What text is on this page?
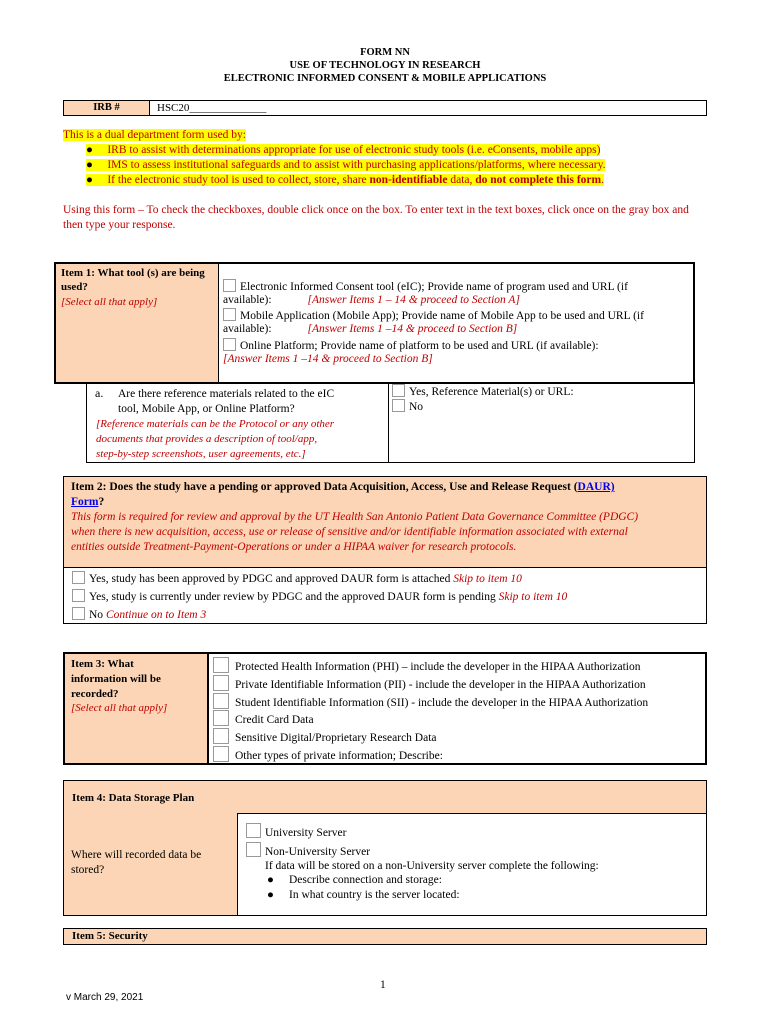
FORM NN
USE OF TECHNOLOGY IN RESEARCH
ELECTRONIC INFORMED CONSENT & MOBILE APPLICATIONS
IRB #	HSC20______________
This is a dual department form used by:
●     IRB to assist with determinations appropriate for use of electronic study tools (i.e. eConsents, mobile apps)
●     IMS to assess institutional safeguards and to assist with purchasing applications/platforms, where necessary.
●     If the electronic study tool is used to collect, store, share non-identifiable data, do not complete this form.
Using this form – To check the checkboxes, double click once on the box. To enter text in the text boxes, click once on the gray box and then type your response.
Item 1: What tool (s) are being used?
[Select all that apply]
Electronic Informed Consent tool (eIC); Provide name of program used and URL (if
available):	[Answer Items 1 – 14 & proceed to Section A]
Mobile Application (Mobile App); Provide name of Mobile App to be used and URL (if
available):	[Answer Items 1 –14 & proceed to Section B]
Online Platform; Provide name of platform to be used and URL (if available):
[Answer Items 1 –14 & proceed to Section B]
a. Are there reference materials related to the eIC
tool, Mobile App, or Online Platform?
[Reference materials can be the Protocol or any other
documents that provides a description of tool/app,
step-by-step screenshots, user agreements, etc.]
Yes, Reference Material(s) or URL:
No
Item 2: Does the study have a pending or approved Data Acquisition, Access, Use and Release Request (DAUR)
Form?
This form is required for review and approval by the UT Health San Antonio Patient Data Governance Committee (PDGC)
when there is new acquisition, access, use or release of sensitive and/or identifiable information associated with external
entities outside Treatment-Payment-Operations or under a HIPAA waiver for research protocols.
Yes, study has been approved by PDGC and approved DAUR form is attached Skip to item 10
Yes, study is currently under review by PDGC and the approved DAUR form is pending Skip to item 10
No Continue on to Item 3
Item 3: What
information will be
recorded?
[Select all that apply]
Protected Health Information (PHI) – include the developer in the HIPAA Authorization
Private Identifiable Information (PII) - include the developer in the HIPAA Authorization
Student Identifiable Information (SII) - include the developer in the HIPAA Authorization
Credit Card Data
Sensitive Digital/Proprietary Research Data
Other types of private information; Describe:
Item 4: Data Storage Plan
Where will recorded data be
stored?
University Server
Non-University Server
If data will be stored on a non-University server complete the following:
● Describe connection and storage:
● In what country is the server located:
Item 5: Security
1
v March 29, 2021
